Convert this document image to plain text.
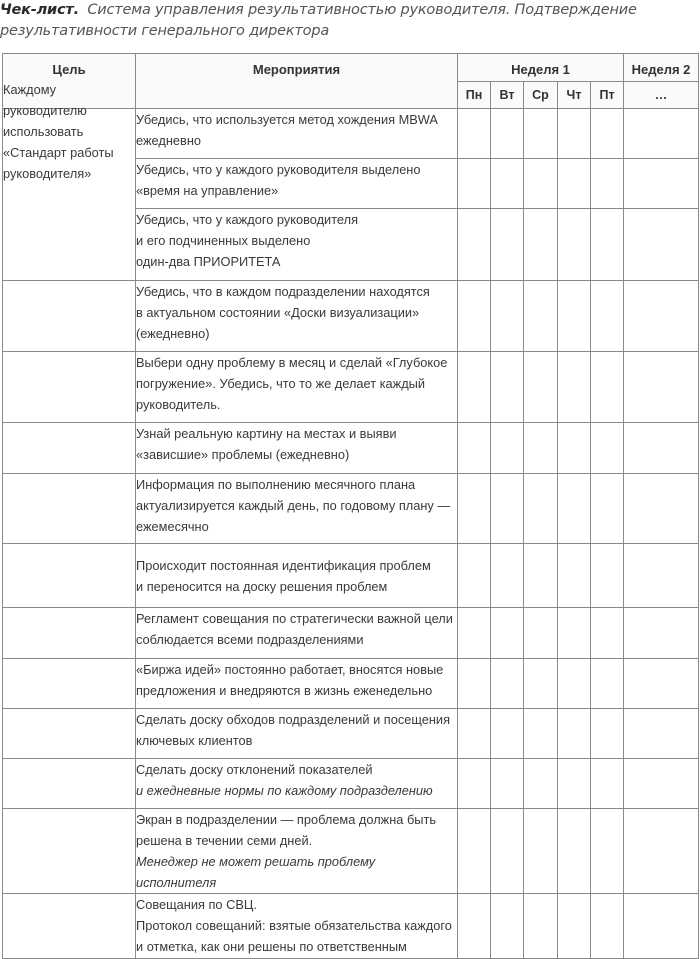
Чек-лист. Система управления результативностью руководителя. Подтверждение результативности генерального директора
Цель	Мероприятия	Неделя 1					Неделя 2
		Пн	Вт	Ср	Чт	Пт	…

Каждому руководителю использовать «Стандарт работы руководителя»	Убедись, что используется метод хождения MBWA ежедневно						

	Убедись, что у каждого руководителя выделено «время на управление»						

	Убедись, что у каждого руководителя
и его подчиненных выделено
один-два ПРИОРИТЕТА						

	Убедись, что в каждом подразделении находятся
в актуальном состоянии «Доски визуализации»
(ежедневно)						

	Выбери одну проблему в месяц и сделай «Глубокое погружение». Убедись, что то же делает каждый руководитель.						

	Узнай реальную картину на местах и выяви «зависшие» проблемы (ежедневно)						

	Информация по выполнению месячного плана актуализируется каждый день, по годовому плану — ежемесячно						

	Происходит постоянная идентификация проблем
и переносится на доску решения проблем						

	Регламент совещания по стратегически важной цели соблюдается всеми подразделениями						

	«Биржа идей» постоянно работает, вносятся новые предложения и внедряются в жизнь еженедельно						

	Сделать доску обходов подразделений и посещения ключевых клиентов						

	Сделать доску отклонений показателей
и ежедневные нормы по каждому подразделению						

	Экран в подразделении — проблема должна быть решена в течении семи дней.
Менеджер не может решать проблему исполнителя						

	Совещания по СВЦ.
Протокол совещаний: взятые обязательства каждого и отметка, как они решены по ответственным						
